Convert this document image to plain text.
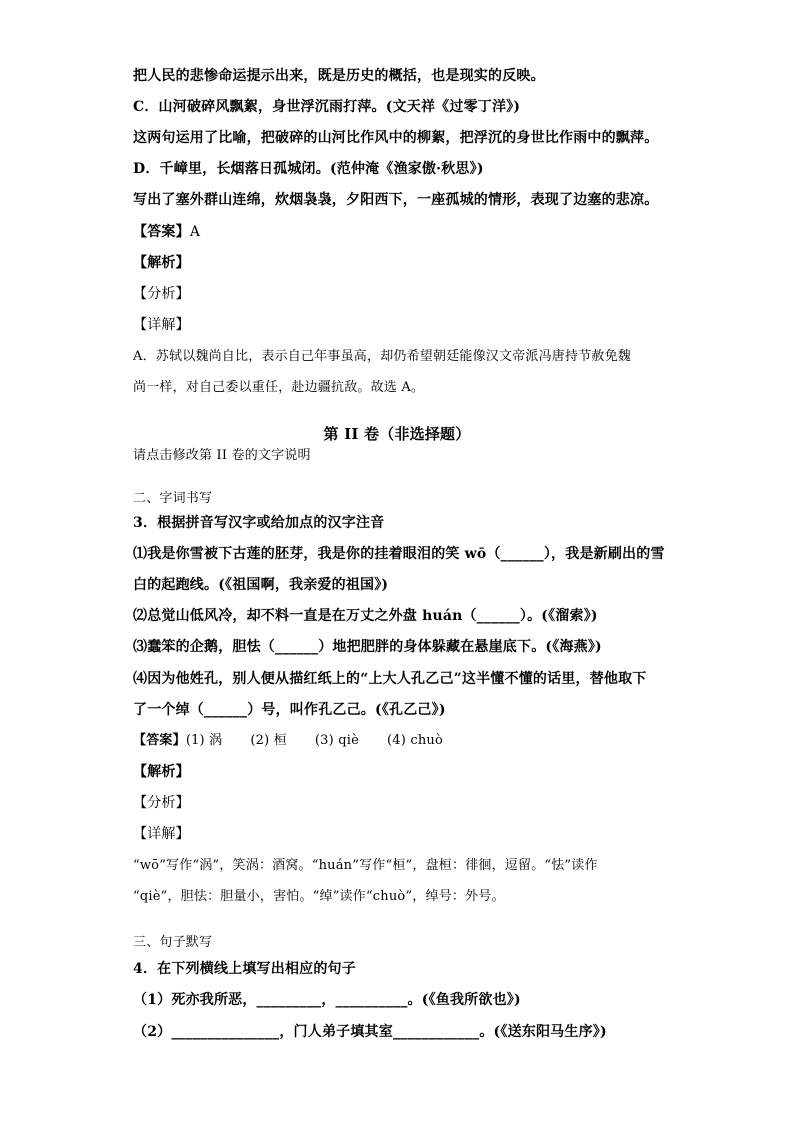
把人民的悲惨命运提示出来，既是历史的概括，也是现实的反映。
C．山河破碎风飘絮，身世浮沉雨打萍。(文天祥《过零丁洋》)
这两句运用了比喻，把破碎的山河比作风中的柳絮，把浮沉的身世比作雨中的飘萍。
D．千嶂里，长烟落日孤城闭。(范仲淹《渔家傲·秋思》)
写出了塞外群山连绵，炊烟袅袅，夕阳西下，一座孤城的情形，表现了边塞的悲凉。
【答案】A
【解析】
【分析】
【详解】
A．苏轼以魏尚自比，表示自己年事虽高，却仍希望朝廷能像汉文帝派冯唐持节赦免魏
尚一样，对自己委以重任，赴边疆抗敌。故选 A。
第 II 卷（非选择题）
请点击修改第 II 卷的文字说明
二、字词书写
3．根据拼音写汉字或给加点的汉字注音
⑴我是你雪被下古莲的胚芽，我是你的挂着眼泪的笑 wō（______），我是新刷出的雪
白的起跑线。(《祖国啊，我亲爱的祖国》)
⑵总觉山低风冷，却不料一直是在万丈之外盘 huán（______）。(《溜索》)
⑶蠢笨的企鹅，胆怯（______）地把肥胖的身体躲藏在悬崖底下。(《海燕》)
⑷因为他姓孔，别人便从描红纸上的“上大人孔乙己”这半懂不懂的话里，替他取下
了一个绰（______）号，叫作孔乙己。(《孔乙己》)
【答案】(1) 涡 (2) 桓 (3) qiè (4) chuò
【解析】
【分析】
【详解】
“wō”写作“涡”，笑涡：酒窝。“huán”写作“桓”，盘桓：徘徊，逗留。“怯”读作
“qiè”，胆怯：胆量小，害怕。“绰”读作“chuò”，绰号：外号。
三、句子默写
4．在下列横线上填写出相应的句子
（1）死亦我所恶，_________，__________。(《鱼我所欲也》)
（2）_______________，门人弟子填其室____________。(《送东阳马生序》)
